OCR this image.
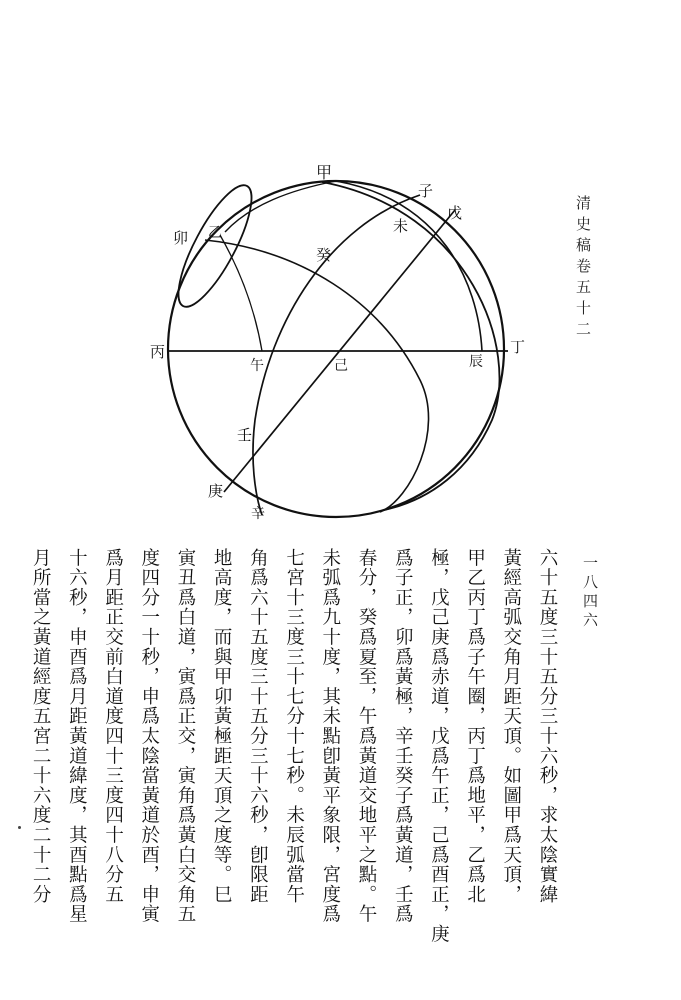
甲
子
戊
未
卯 乙
癸
丙
午	己	辰
丁
壬
庚
辛
清史稿卷五十二
一八四六
六十五度三十五分三十六秒，求太陰實緯
黃經高弧交角月距天頂。如圖甲爲天頂，
甲乙丙丁爲子午圈，丙丁爲地平，乙爲北
極，戊己庚爲赤道，戊爲午正，己爲酉正，庚
爲子正，卯爲黃極，辛壬癸子爲黃道，壬爲
春分，癸爲夏至，午爲黃道交地平之點。午
未弧爲九十度，其未點卽黃平象限，宮度爲
七宮十三度三十七分十七秒。未辰弧當午
角爲六十五度三十五分三十六秒，卽限距
地高度，而與甲卯黃極距天頂之度等。巳
寅丑爲白道，寅爲正交，寅角爲黃白交角五
度四分一十秒，申爲太陰當黃道於酉，申寅
爲月距正交前白道度四十三度四十八分五
十六秒，申酉爲月距黃道緯度，其酉點爲星
月所當之黃道經度五宮二十六度二十二分
